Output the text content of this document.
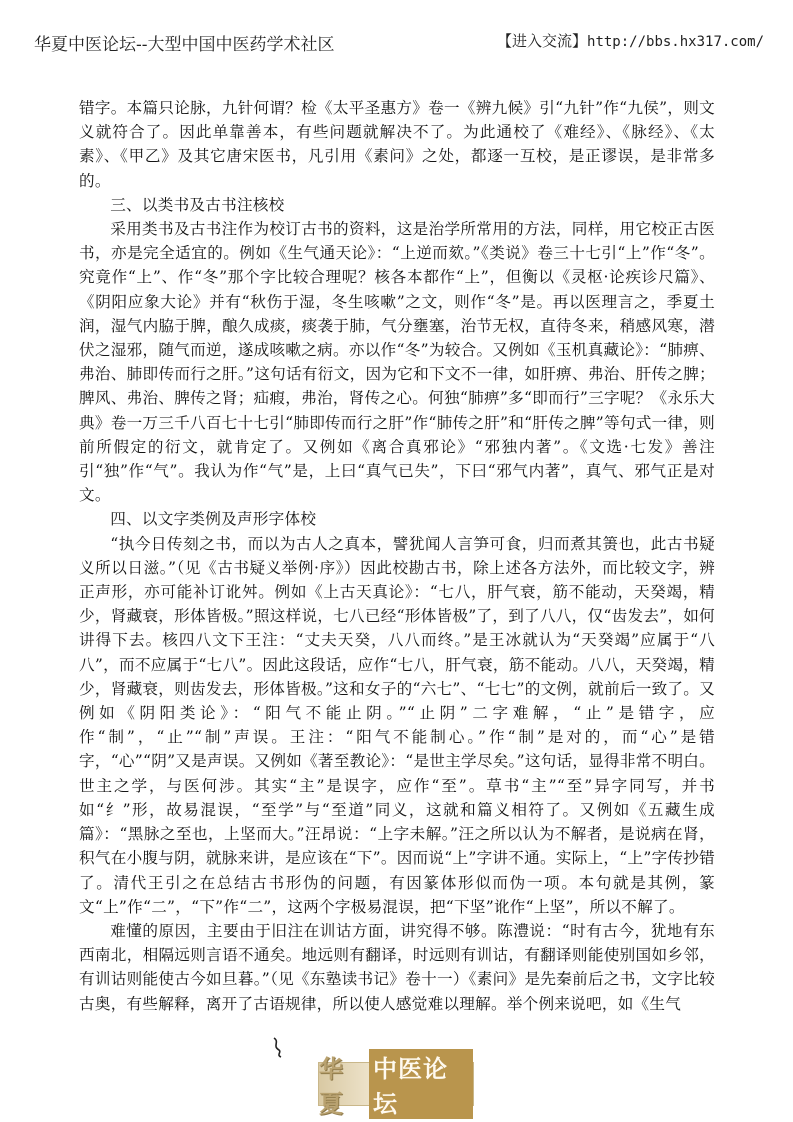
华夏中医论坛--大型中国中医药学术社区	【进入交流】http://bbs.hx317.com/

错字。本篇只论脉，九针何谓？检《太平圣惠方》卷一《辨九候》引“九针”作“九侯”，则文义就符合了。因此单靠善本，有些问题就解决不了。为此通校了《难经》、《脉经》、《太素》、《甲乙》及其它唐宋医书，凡引用《素问》之处，都逐一互校，是正谬误，是非常多的。

三、以类书及古书注核校

采用类书及古书注作为校订古书的资料，这是治学所常用的方法，同样，用它校正古医书，亦是完全适宜的。例如《生气通天论》：“上逆而欬。”《类说》卷三十七引“上”作“冬”。究竟作“上”、作“冬”那个字比较合理呢？核各本都作“上”，但衡以《灵枢·论疾诊尺篇》、《阴阳应象大论》并有“秋伤于湿，冬生咳嗽”之文，则作“冬”是。再以医理言之，季夏土润，湿气内脇于脾，酿久成痰，痰袭于肺，气分壅塞，治节无权，直待冬来，稍感风寒，潜伏之湿邪，随气而逆，遂成咳嗽之病。亦以作“冬”为较合。又例如《玉机真藏论》：“肺痹、弗治、肺即传而行之肝。”这句话有衍文，因为它和下文不一律，如肝痹、弗治、肝传之脾；脾风、弗治、脾传之肾；疝瘕，弗治，肾传之心。何独“肺痹”多“即而行”三字呢？《永乐大典》卷一万三千八百七十七引“肺即传而行之肝”作“肺传之肝”和“肝传之脾”等句式一律，则前所假定的衍文，就肯定了。又例如《离合真邪论》“邪独内著”。《文选·七发》善注引“独”作“气”。我认为作“气”是，上曰“真气已失”，下曰“邪气内著”，真气、邪气正是对文。

四、以文字类例及声形字体校

“执今日传刻之书，而以为古人之真本，譬犹闻人言笋可食，归而煮其箦也，此古书疑义所以日滋。”（见《古书疑义举例·序》）因此校勘古书，除上述各方法外，而比较文字，辨正声形，亦可能补订讹舛。例如《上古天真论》：“七八，肝气衰，筋不能动，天癸竭，精少，肾藏衰，形体皆极。”照这样说，七八已经“形体皆极”了，到了八八，仅“齿发去”，如何讲得下去。核四八文下王注：“丈夫天癸，八八而终。”是王冰就认为“天癸竭”应属于“八八”，而不应属于“七八”。因此这段话，应作“七八，肝气衰，筋不能动。八八，天癸竭，精少，肾藏衰，则齿发去，形体皆极。”这和女子的“六七”、“七七”的文例，就前后一致了。又例如《阴阳类论》：“阳气不能止阴。”“止阴”二字难解，“止”是错字，应作“制”，“止”“制”声误。王注：“阳气不能制心。”作“制”是对的，而“心”是错字，“心”“阴”又是声误。又例如《著至教论》：“是世主学尽矣。”这句话，显得非常不明白。世主之学，与医何涉。其实“主”是误字，应作“至”。草书“主”“至”异字同写，并书如“纟”形，故易混误，“至学”与“至道”同义，这就和篇义相符了。又例如《五藏生成篇》：“黑脉之至也，上坚而大。”汪昂说：“上字未解。”汪之所以认为不解者，是说病在肾，积气在小腹与阴，就脉来讲，是应该在“下”。因而说“上”字讲不通。实际上，“上”字传抄错了。清代王引之在总结古书形伪的问题，有因篆体形似而伪一项。本句就是其例，篆文“上”作“二”，“下”作“二”，这两个字极易混误，把“下坚”讹作“上坚”，所以不解了。

难懂的原因，主要由于旧注在训诂方面，讲究得不够。陈澧说：“时有古今，犹地有东西南北，相隔远则言语不通矣。地远则有翻译，时远则有训诂，有翻译则能使别国如乡邻，有训诂则能使古今如旦暮。”（见《东塾读书记》卷十一）《素问》是先秦前后之书，文字比较古奥，有些解释，离开了古语规律，所以使人感觉难以理解。举个例来说吧，如《生气

华夏
中医论坛
